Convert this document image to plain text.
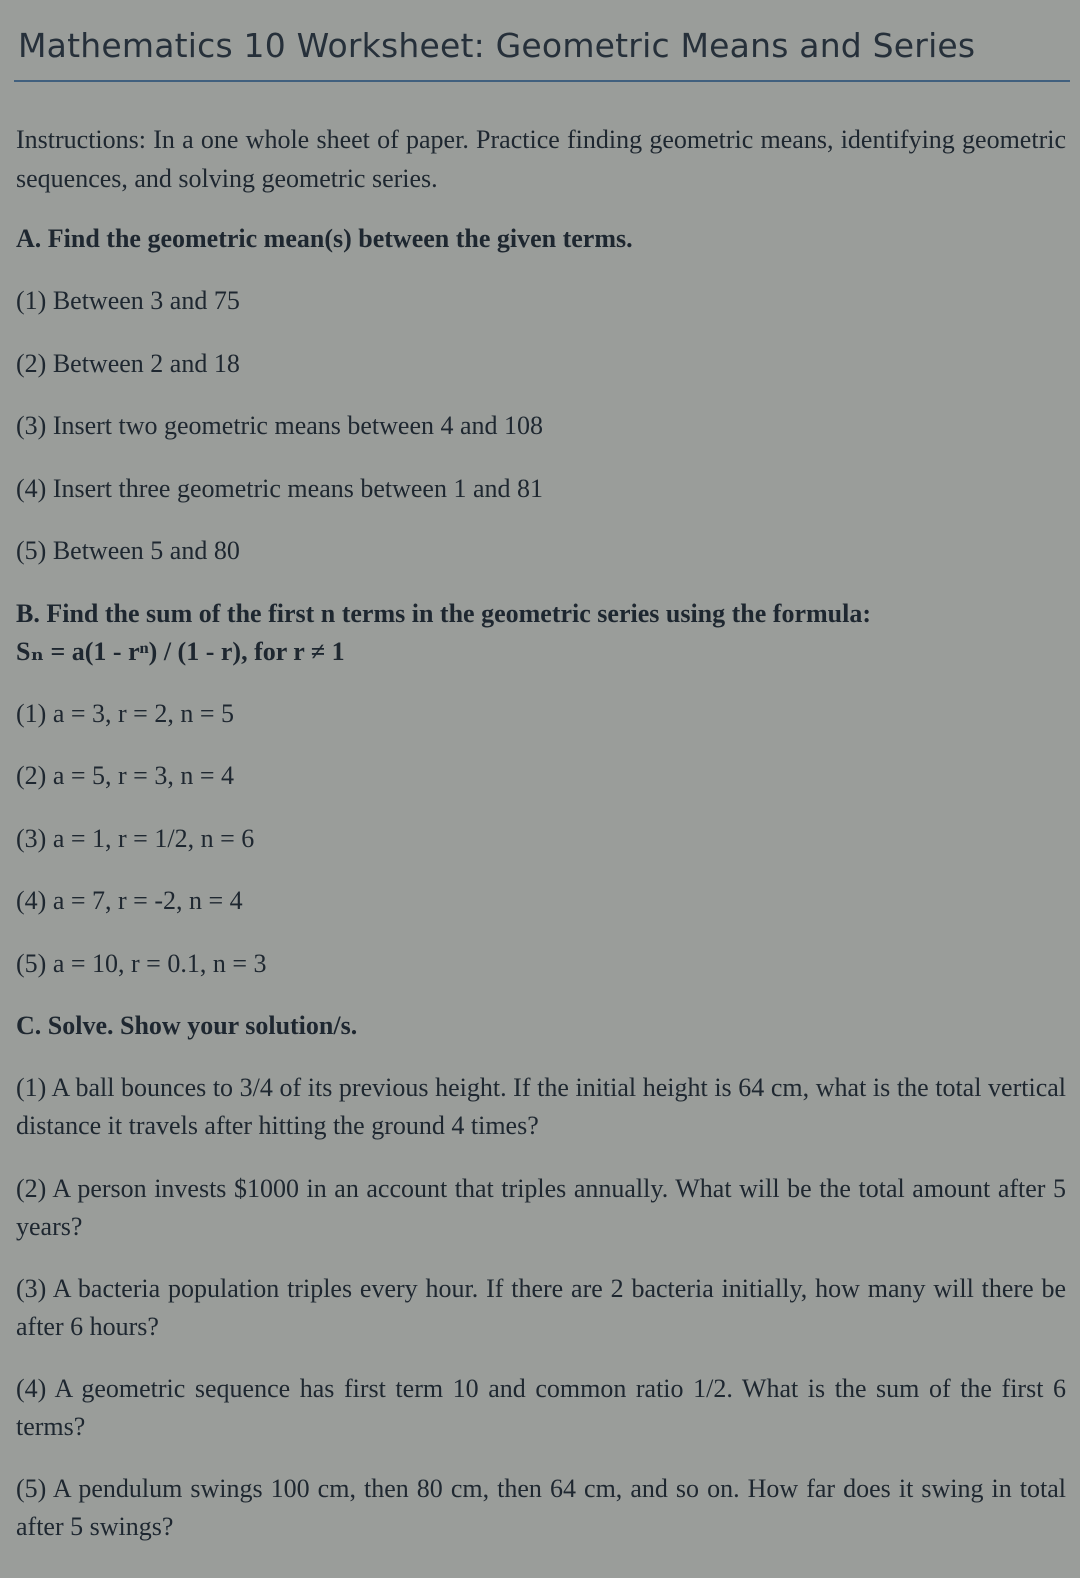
Mathematics 10 Worksheet: Geometric Means and Series
Instructions: In a one whole sheet of paper. Practice finding geometric means, identifying geometric sequences, and solving geometric series.
A. Find the geometric mean(s) between the given terms.
(1) Between 3 and 75
(2) Between 2 and 18
(3) Insert two geometric means between 4 and 108
(4) Insert three geometric means between 1 and 81
(5) Between 5 and 80
B. Find the sum of the first n terms in the geometric series using the formula:
Sₙ = a(1 - rⁿ) / (1 - r), for r ≠ 1
(1) a = 3, r = 2, n = 5
(2) a = 5, r = 3, n = 4
(3) a = 1, r = 1/2, n = 6
(4) a = 7, r = -2, n = 4
(5) a = 10, r = 0.1, n = 3
C. Solve. Show your solution/s.
(1) A ball bounces to 3/4 of its previous height. If the initial height is 64 cm, what is the total vertical distance it travels after hitting the ground 4 times?
(2) A person invests $1000 in an account that triples annually. What will be the total amount after 5 years?
(3) A bacteria population triples every hour. If there are 2 bacteria initially, how many will there be after 6 hours?
(4) A geometric sequence has first term 10 and common ratio 1/2. What is the sum of the first 6 terms?
(5) A pendulum swings 100 cm, then 80 cm, then 64 cm, and so on. How far does it swing in total after 5 swings?
